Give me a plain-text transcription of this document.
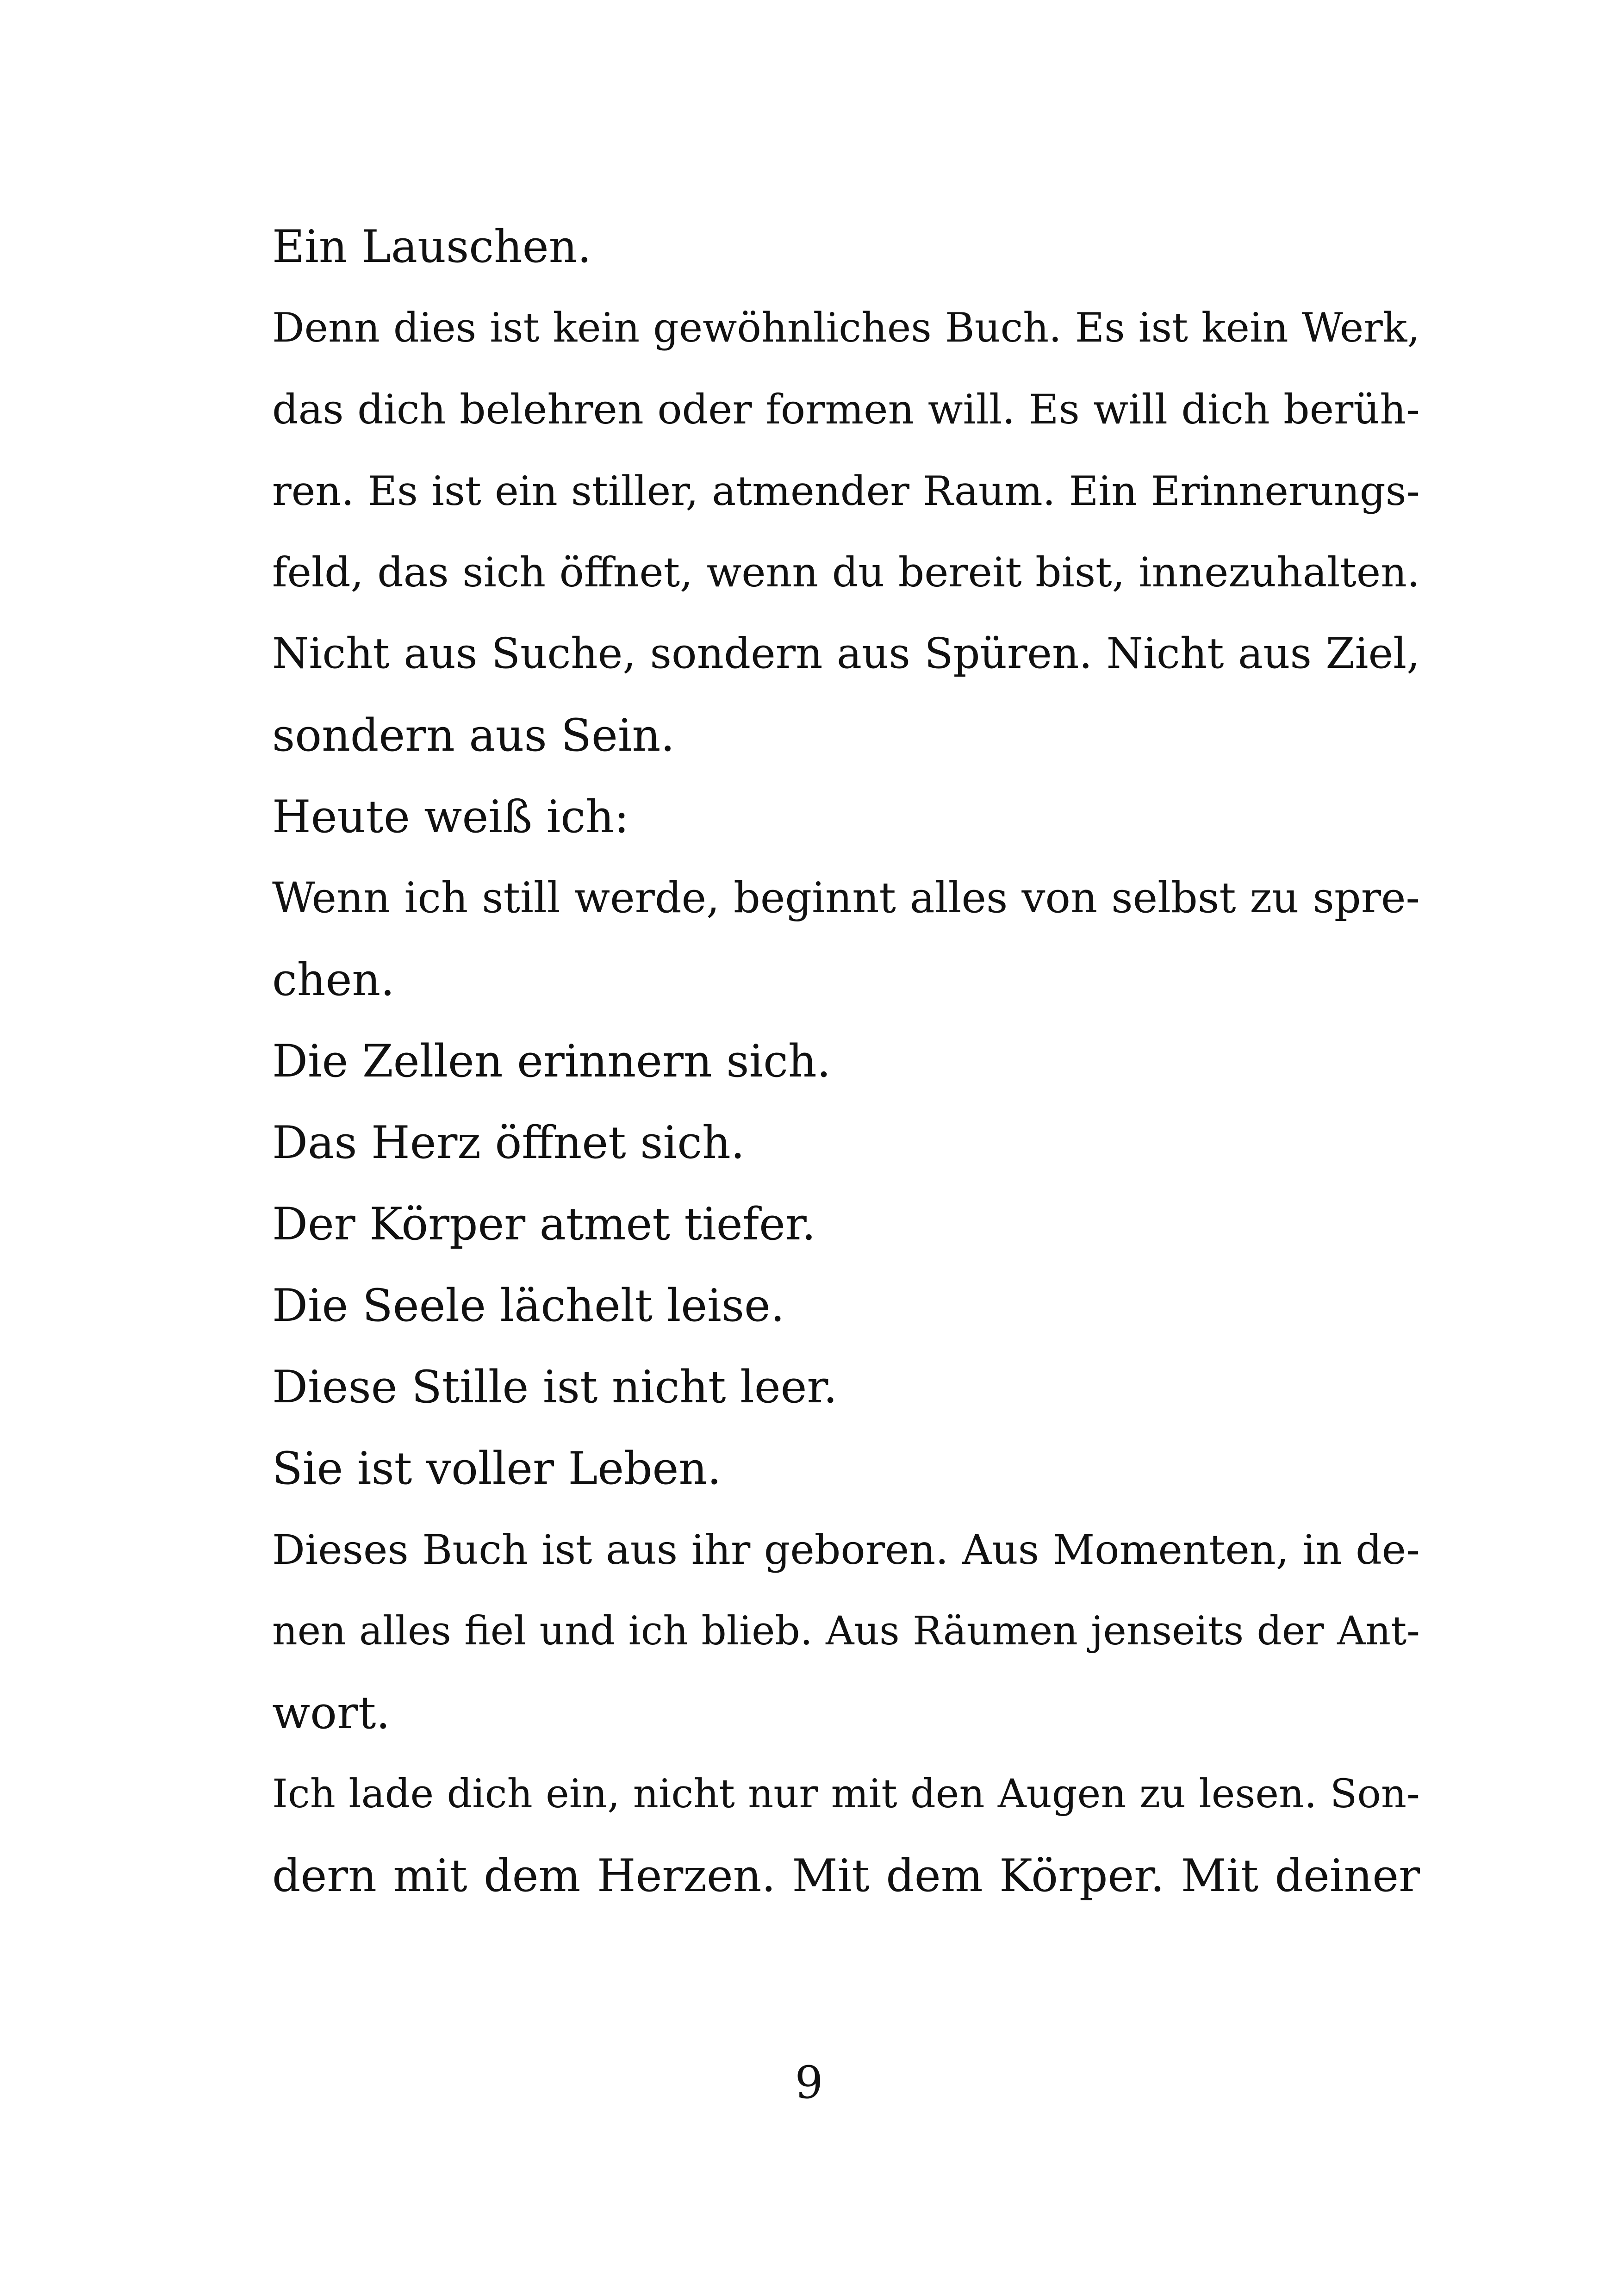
Ein Lauschen.
Denn dies ist kein gewöhnliches Buch. Es ist kein Werk,
das dich belehren oder formen will. Es will dich berüh-
ren. Es ist ein stiller, atmender Raum. Ein Erinnerungs-
feld, das sich öffnet, wenn du bereit bist, innezuhalten.
Nicht aus Suche, sondern aus Spüren. Nicht aus Ziel,
sondern aus Sein.
Heute weiß ich:
Wenn ich still werde, beginnt alles von selbst zu spre-
chen.
Die Zellen erinnern sich.
Das Herz öffnet sich.
Der Körper atmet tiefer.
Die Seele lächelt leise.
Diese Stille ist nicht leer.
Sie ist voller Leben.
Dieses Buch ist aus ihr geboren. Aus Momenten, in de-
nen alles fiel und ich blieb. Aus Räumen jenseits der Ant-
wort.
Ich lade dich ein, nicht nur mit den Augen zu lesen. Son-
dern mit dem Herzen. Mit dem Körper. Mit deiner
9
